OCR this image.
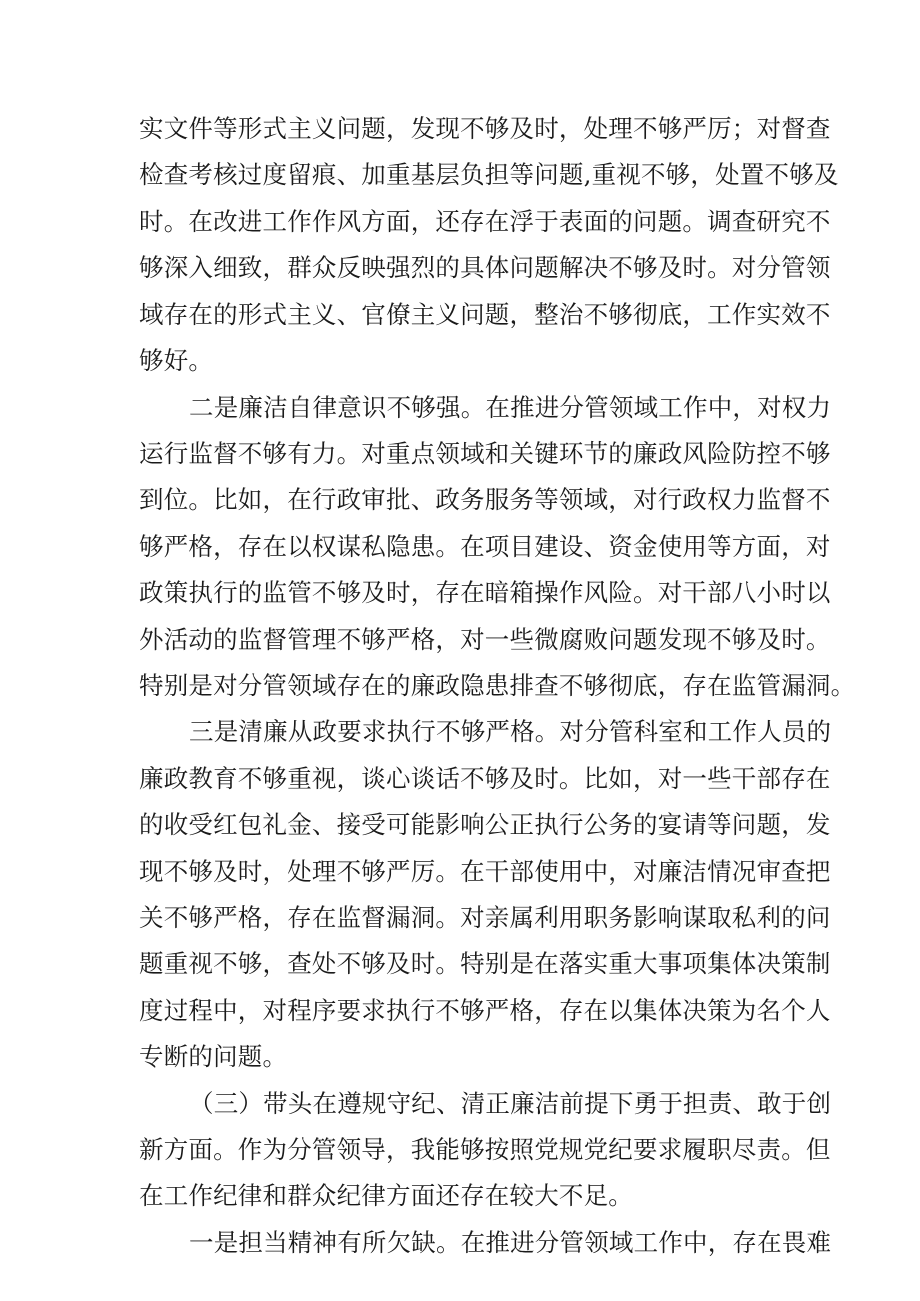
实文件等形式主义问题，发现不够及时，处理不够严厉；对督查
检查考核过度留痕、加重基层负担等问题,重视不够，处置不够及
时。在改进工作作风方面，还存在浮于表面的问题。调查研究不
够深入细致，群众反映强烈的具体问题解决不够及时。对分管领
域存在的形式主义、官僚主义问题，整治不够彻底，工作实效不
够好。
二是廉洁自律意识不够强。在推进分管领域工作中，对权力
运行监督不够有力。对重点领域和关键环节的廉政风险防控不够
到位。比如，在行政审批、政务服务等领域，对行政权力监督不
够严格，存在以权谋私隐患。在项目建设、资金使用等方面，对
政策执行的监管不够及时，存在暗箱操作风险。对干部八小时以
外活动的监督管理不够严格，对一些微腐败问题发现不够及时。
特别是对分管领域存在的廉政隐患排查不够彻底，存在监管漏洞。
三是清廉从政要求执行不够严格。对分管科室和工作人员的
廉政教育不够重视，谈心谈话不够及时。比如，对一些干部存在
的收受红包礼金、接受可能影响公正执行公务的宴请等问题，发
现不够及时，处理不够严厉。在干部使用中，对廉洁情况审查把
关不够严格，存在监督漏洞。对亲属利用职务影响谋取私利的问
题重视不够，查处不够及时。特别是在落实重大事项集体决策制
度过程中，对程序要求执行不够严格，存在以集体决策为名个人
专断的问题。
（三）带头在遵规守纪、清正廉洁前提下勇于担责、敢于创
新方面。作为分管领导，我能够按照党规党纪要求履职尽责。但
在工作纪律和群众纪律方面还存在较大不足。
一是担当精神有所欠缺。在推进分管领域工作中，存在畏难
